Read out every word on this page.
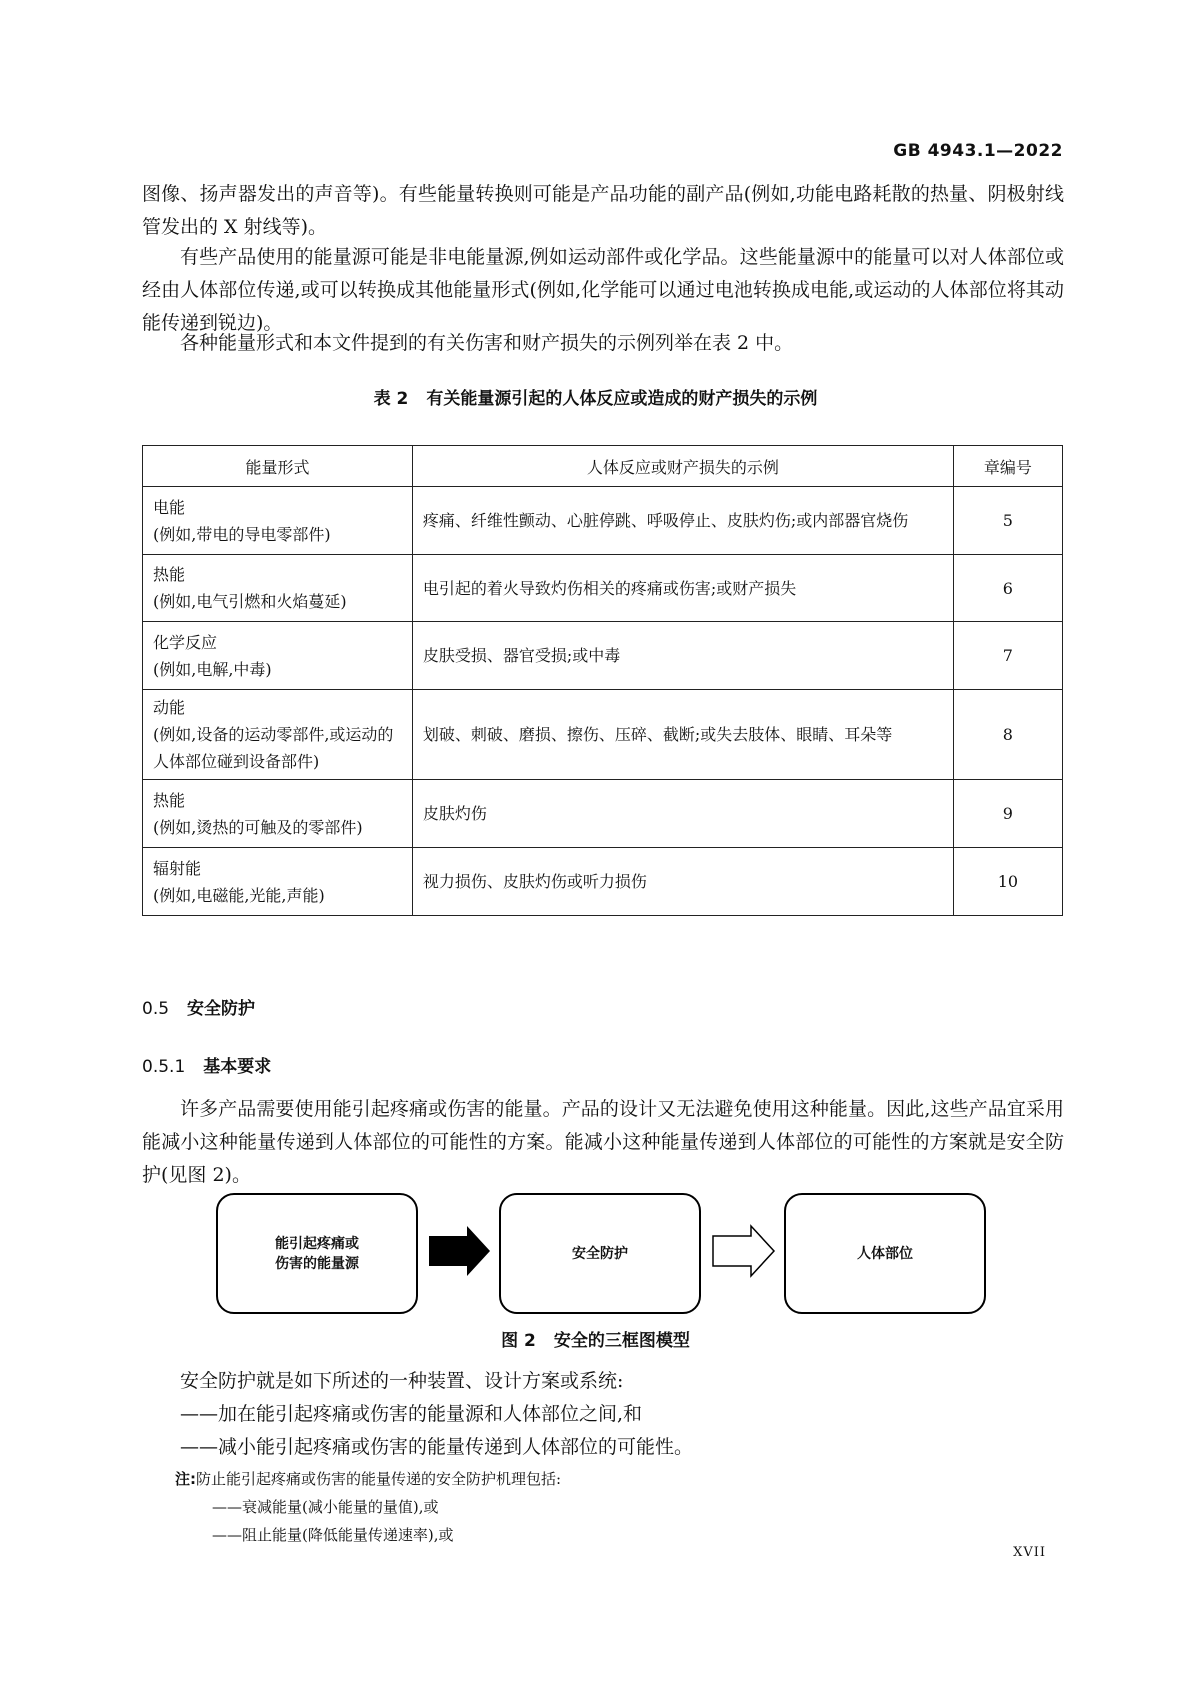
GB 4943.1—2022
图像、扬声器发出的声音等)。有些能量转换则可能是产品功能的副产品(例如,功能电路耗散的热量、阴极射线管发出的 X 射线等)。
有些产品使用的能量源可能是非电能量源,例如运动部件或化学品。这些能量源中的能量可以对人体部位或经由人体部位传递,或可以转换成其他能量形式(例如,化学能可以通过电池转换成电能,或运动的人体部位将其动能传递到锐边)。
各种能量形式和本文件提到的有关伤害和财产损失的示例列举在表 2 中。
表 2 有关能量源引起的人体反应或造成的财产损失的示例
能量形式	人体反应或财产损失的示例	章编号

电能
(例如,带电的导电零部件)	疼痛、纤维性颤动、心脏停跳、呼吸停止、皮肤灼伤;或内部器官烧伤	5

热能
(例如,电气引燃和火焰蔓延)	电引起的着火导致灼伤相关的疼痛或伤害;或财产损失	6

化学反应
(例如,电解,中毒)	皮肤受损、器官受损;或中毒	7

动能
(例如,设备的运动零部件,或运动的人体部位碰到设备部件)	划破、刺破、磨损、擦伤、压碎、截断;或失去肢体、眼睛、耳朵等	8

热能
(例如,烫热的可触及的零部件)	皮肤灼伤	9

辐射能
(例如,电磁能,光能,声能)	视力损伤、皮肤灼伤或听力损伤	10
0.5 安全防护
0.5.1 基本要求
许多产品需要使用能引起疼痛或伤害的能量。产品的设计又无法避免使用这种能量。因此,这些产品宜采用能减小这种能量传递到人体部位的可能性的方案。能减小这种能量传递到人体部位的可能性的方案就是安全防护(见图 2)。
能引起疼痛或
伤害的能量源
安全防护	人体部位
图 2 安全的三框图模型
安全防护就是如下所述的一种装置、设计方案或系统:
——加在能引起疼痛或伤害的能量源和人体部位之间,和
——减小能引起疼痛或伤害的能量传递到人体部位的可能性。
注:防止能引起疼痛或伤害的能量传递的安全防护机理包括:
——衰减能量(减小能量的量值),或
——阻止能量(降低能量传递速率),或
XVII
